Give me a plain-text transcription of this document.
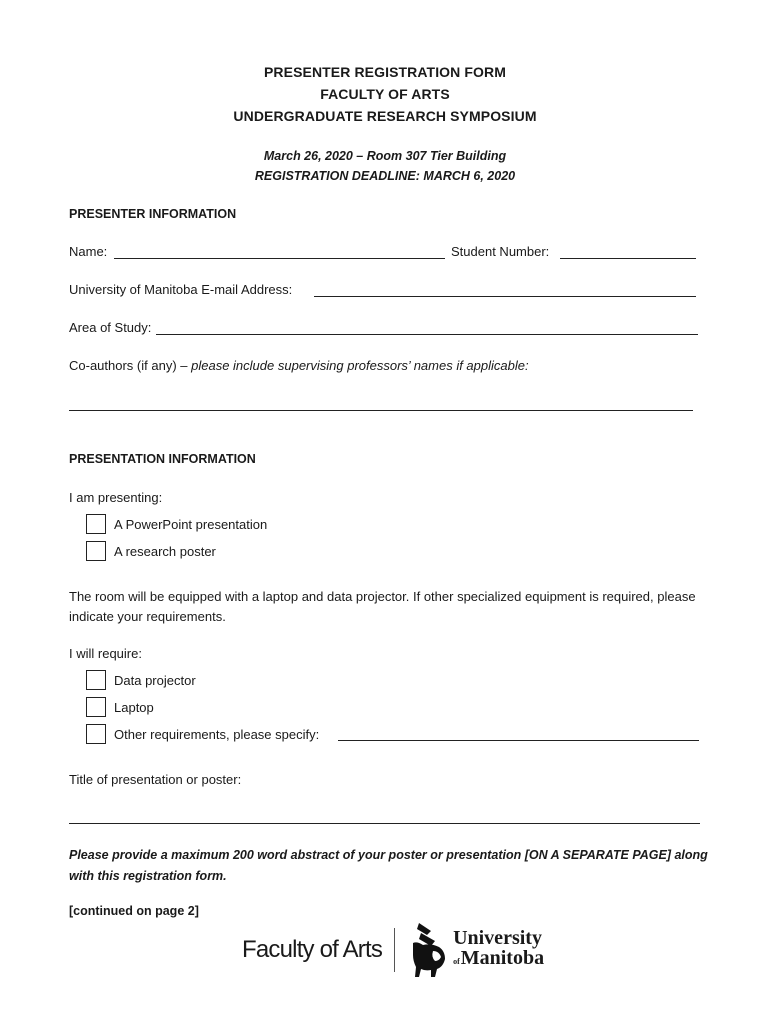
PRESENTER REGISTRATION FORM
FACULTY OF ARTS
UNDERGRADUATE RESEARCH SYMPOSIUM
March 26, 2020 – Room 307 Tier Building
REGISTRATION DEADLINE: MARCH 6, 2020
PRESENTER INFORMATION
Name:	Student Number:
University of Manitoba E-mail Address:
Area of Study:
Co-authors (if any) – please include supervising professors’ names if applicable:
PRESENTATION INFORMATION
I am presenting:
A PowerPoint presentation
A research poster
The room will be equipped with a laptop and data projector. If other specialized equipment is required, please indicate your requirements.
I will require:
Data projector
Laptop
Other requirements, please specify:
Title of presentation or poster:
Please provide a maximum 200 word abstract of your poster or presentation [ON A SEPARATE PAGE] along with this registration form.
[continued on page 2]
Faculty of Arts	University
ofManitoba
